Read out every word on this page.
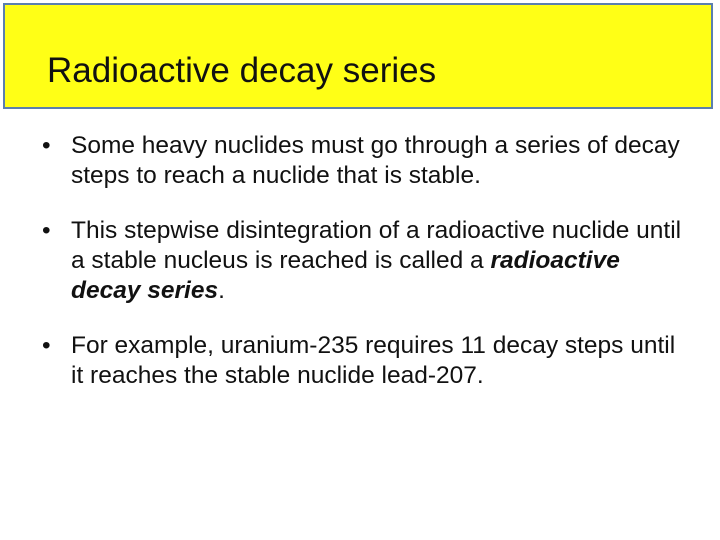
Radioactive decay series
• Some heavy nuclides must go through a series of decay steps to reach a nuclide that is stable.
• This stepwise disintegration of a radioactive nuclide until a stable nucleus is reached is called a radioactive decay series.
• For example, uranium-235 requires 11 decay steps until it reaches the stable nuclide lead-207.
